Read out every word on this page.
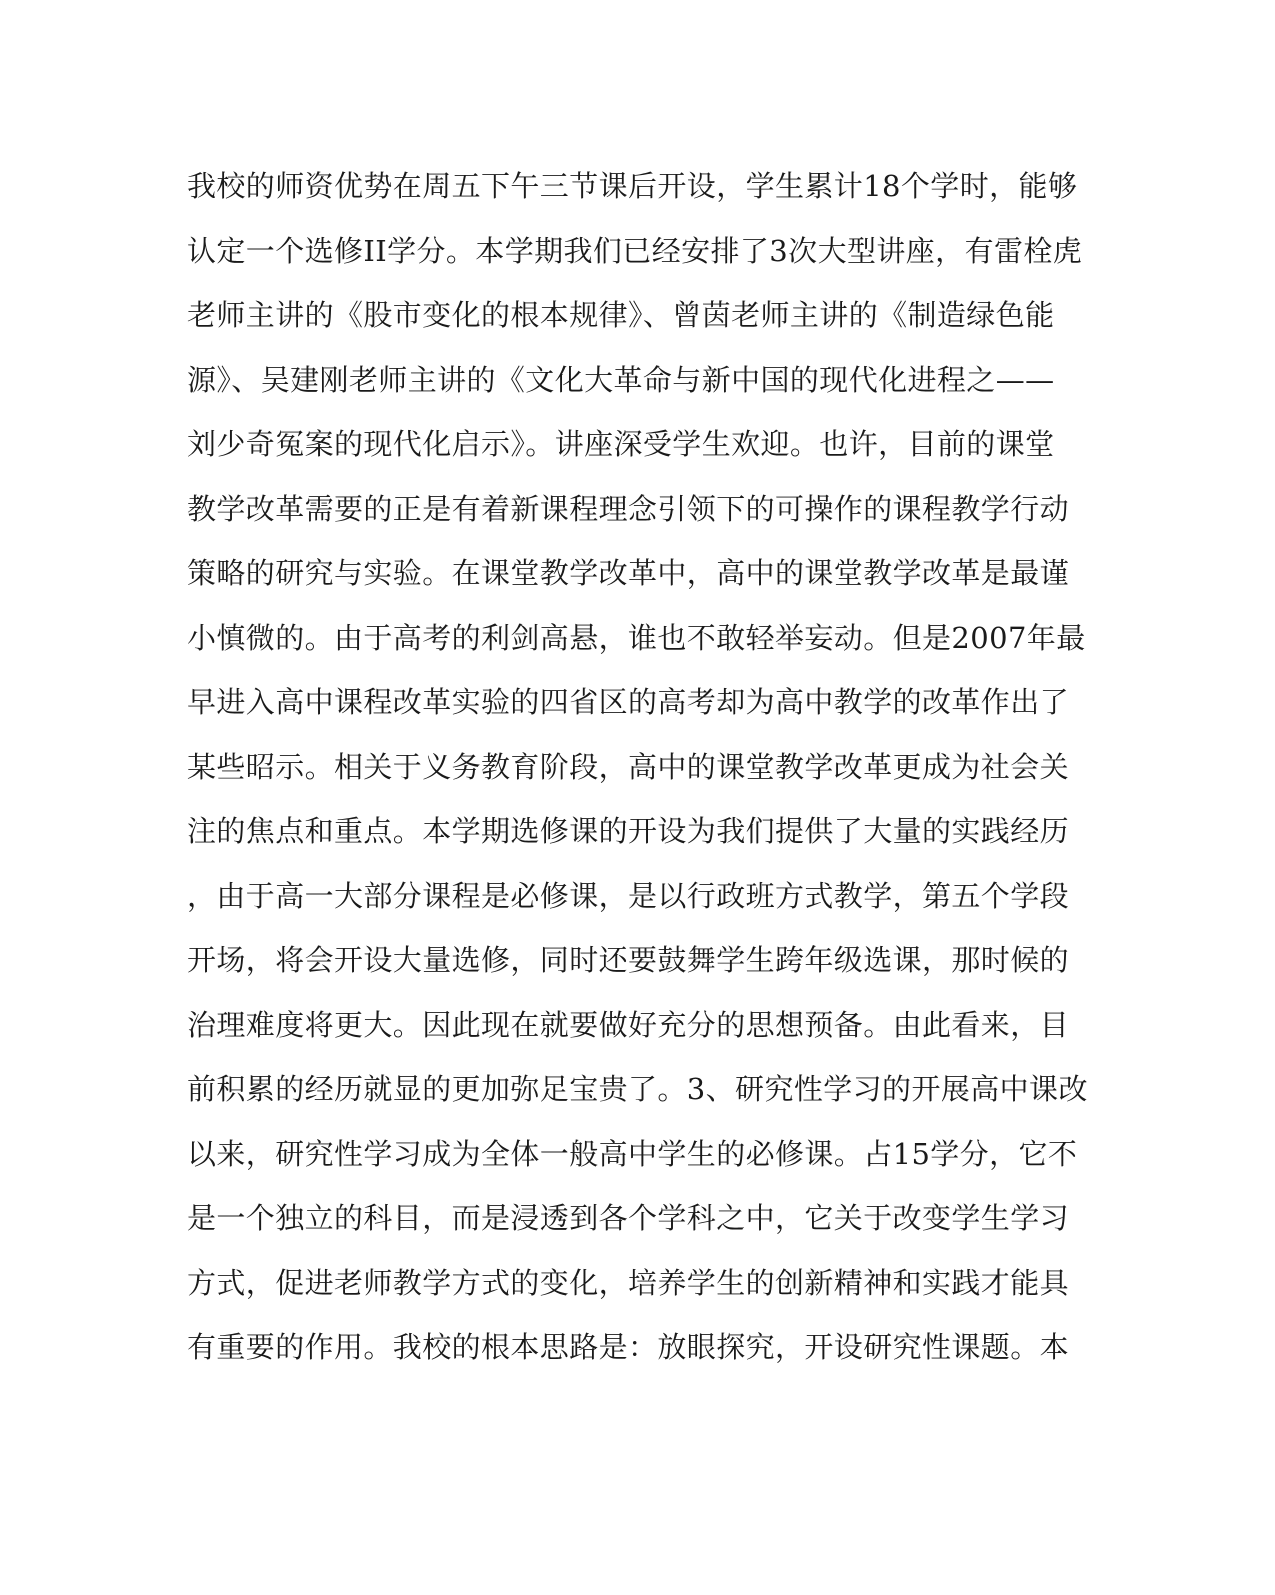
我校的师资优势在周五下午三节课后开设，学生累计18个学时，能够
认定一个选修II学分。本学期我们已经安排了3次大型讲座，有雷栓虎
老师主讲的《股市变化的根本规律》、曾茵老师主讲的《制造绿色能
源》、吴建刚老师主讲的《文化大革命与新中国的现代化进程之——
刘少奇冤案的现代化启示》。讲座深受学生欢迎。也许，目前的课堂
教学改革需要的正是有着新课程理念引领下的可操作的课程教学行动
策略的研究与实验。在课堂教学改革中，高中的课堂教学改革是最谨
小慎微的。由于高考的利剑高悬，谁也不敢轻举妄动。但是2007年最
早进入高中课程改革实验的四省区的高考却为高中教学的改革作出了
某些昭示。相关于义务教育阶段，高中的课堂教学改革更成为社会关
注的焦点和重点。本学期选修课的开设为我们提供了大量的实践经历
，由于高一大部分课程是必修课，是以行政班方式教学，第五个学段
开场，将会开设大量选修，同时还要鼓舞学生跨年级选课，那时候的
治理难度将更大。因此现在就要做好充分的思想预备。由此看来，目
前积累的经历就显的更加弥足宝贵了。3、研究性学习的开展高中课改
以来，研究性学习成为全体一般高中学生的必修课。占15学分，它不
是一个独立的科目，而是浸透到各个学科之中，它关于改变学生学习
方式，促进老师教学方式的变化，培养学生的创新精神和实践才能具
有重要的作用。我校的根本思路是：放眼探究，开设研究性课题。本
